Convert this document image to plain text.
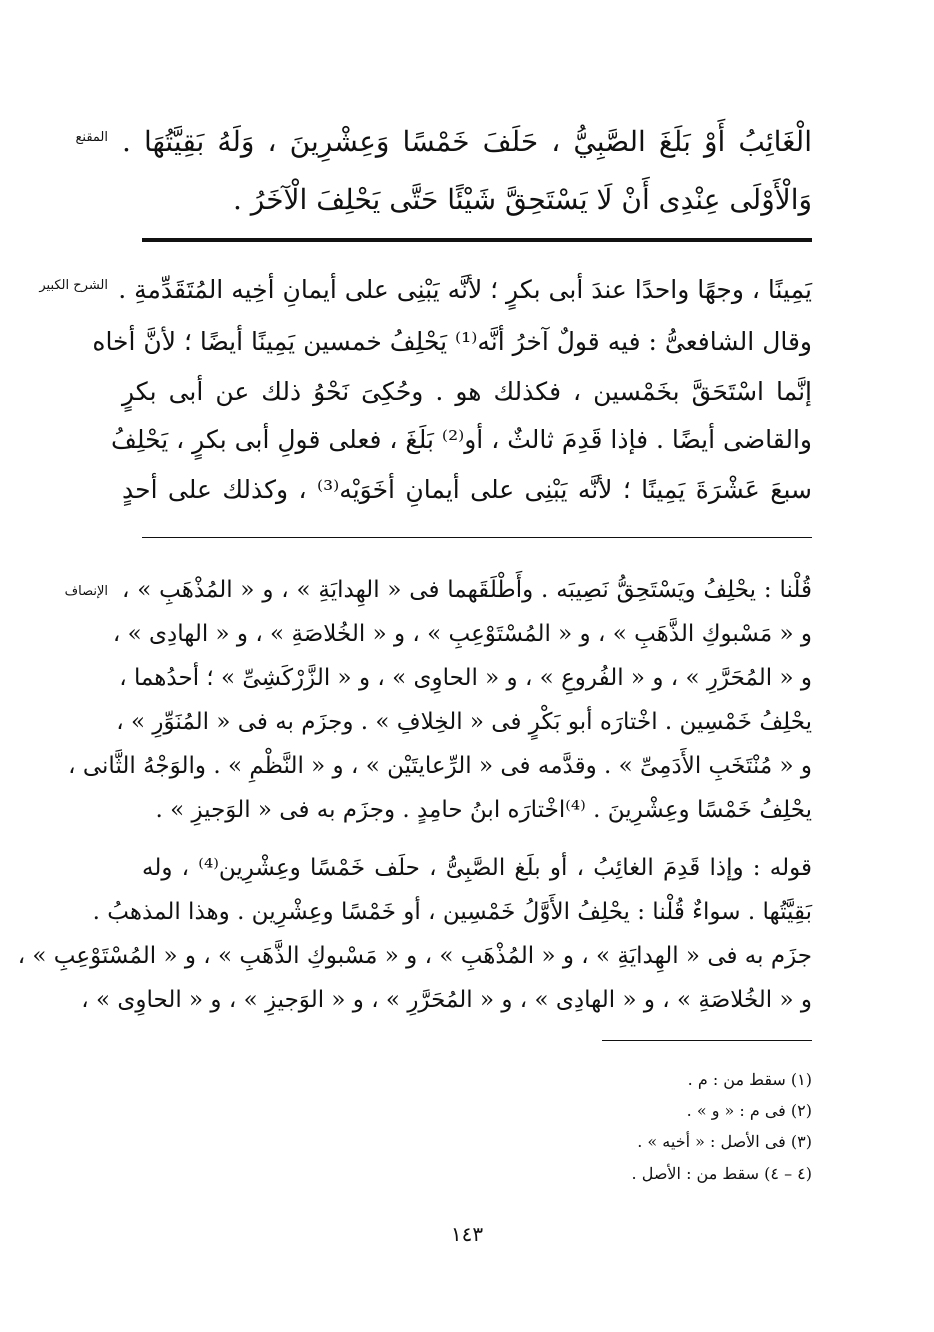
المقنع الْغَائِبُ أَوْ بَلَغَ الصَّبِيُّ ، حَلَفَ خَمْسًا وَعِشْرِينَ ، وَلَهُ بَقِيَّتُهَا .
وَالْأَوْلَى عِنْدِى أَنْ لَا يَسْتَحِقَّ شَيْئًا حَتَّى يَحْلِفَ الْآخَرُ .
الشرح الكبير يَمِينًا ، وجهًا واحدًا عندَ أبى بكرٍ ؛ لأنَّه يَبْنِى على أيمانِ أخِيه المُتَقَدِّمةِ .
وقال الشافعىُّ : فيه قولٌ آخرُ أنَّه⁽¹⁾ يَحْلِفُ خمسين يَمِينًا أيضًا ؛ لأنَّ أخاه
إنَّما اسْتَحَقَّ بخَمْسين ، فكذلك هو . وحُكِىَ نَحْوُ ذلك عن أبى بكرٍ
والقاضى أيضًا . فإذا قَدِمَ ثالثٌ ، أو⁽²⁾ بَلَغَ ، فعلى قولِ أبى بكرٍ ، يَحْلِفُ
سبعَ عَشْرَةَ يَمِينًا ؛ لأنَّه يَبْنِى على أيمانِ أخَوَيْه⁽³⁾ ، وكذلك على أحدٍ
الإنصاف قُلْنا : يحْلِفُ ويَسْتَحِقُّ نَصِيبَه . وأَطْلَقَهما فى « الهِدايَةِ » ، و « المُذْهَبِ » ،
و « مَسْبوكِ الذَّهَبِ » ، و « المُسْتَوْعِبِ » ، و « الخُلاصَةِ » ، و « الهادِى » ،
و « المُحَرَّرِ » ، و « الفُروعِ » ، و « الحاوِى » ، و « الزَّرْكَشِىِّ » ؛ أحدُهما ،
يحْلِفُ خَمْسِين . اخْتارَه أبو بَكْرٍ فى « الخِلافِ » . وجزَم به فى « المُنَوِّرِ » ،
و « مُنْتَخَبِ الأَدَمِىِّ » . وقدَّمه فى « الرِّعايتَيْن » ، و « النَّظْمِ » . والوَجْهُ الثَّانى ،
يحْلِفُ خَمْسًا وعِشْرِينَ . ⁽⁴⁾اخْتارَه ابنُ حامِدٍ . وجزَم به فى « الوَجيزِ » .
قوله : وإذا قَدِمَ الغائِبُ ، أو بلَغ الصَّبِىُّ ، حلَف خَمْسًا وعِشْرِين⁽⁴⁾ ، وله
بَقِيَّتُها . سواءٌ قُلْنا : يحْلِفُ الأَوَّلُ خَمْسِين ، أو خَمْسًا وعِشْرِين . وهذا المذهبُ .
جزَم به فى « الهِدايَةِ » ، و « المُذْهَبِ » ، و « مَسْبوكِ الذَّهَبِ » ، و « المُسْتَوْعِبِ » ،
و « الخُلاصَةِ » ، و « الهادِى » ، و « المُحَرَّرِ » ، و « الوَجيزِ » ، و « الحاوِى » ،
(١) سقط من : م .
(٢) فى م : « و » .
(٣) فى الأصل : « أخيه » .
(٤ – ٤) سقط من : الأصل .
١٤٣
